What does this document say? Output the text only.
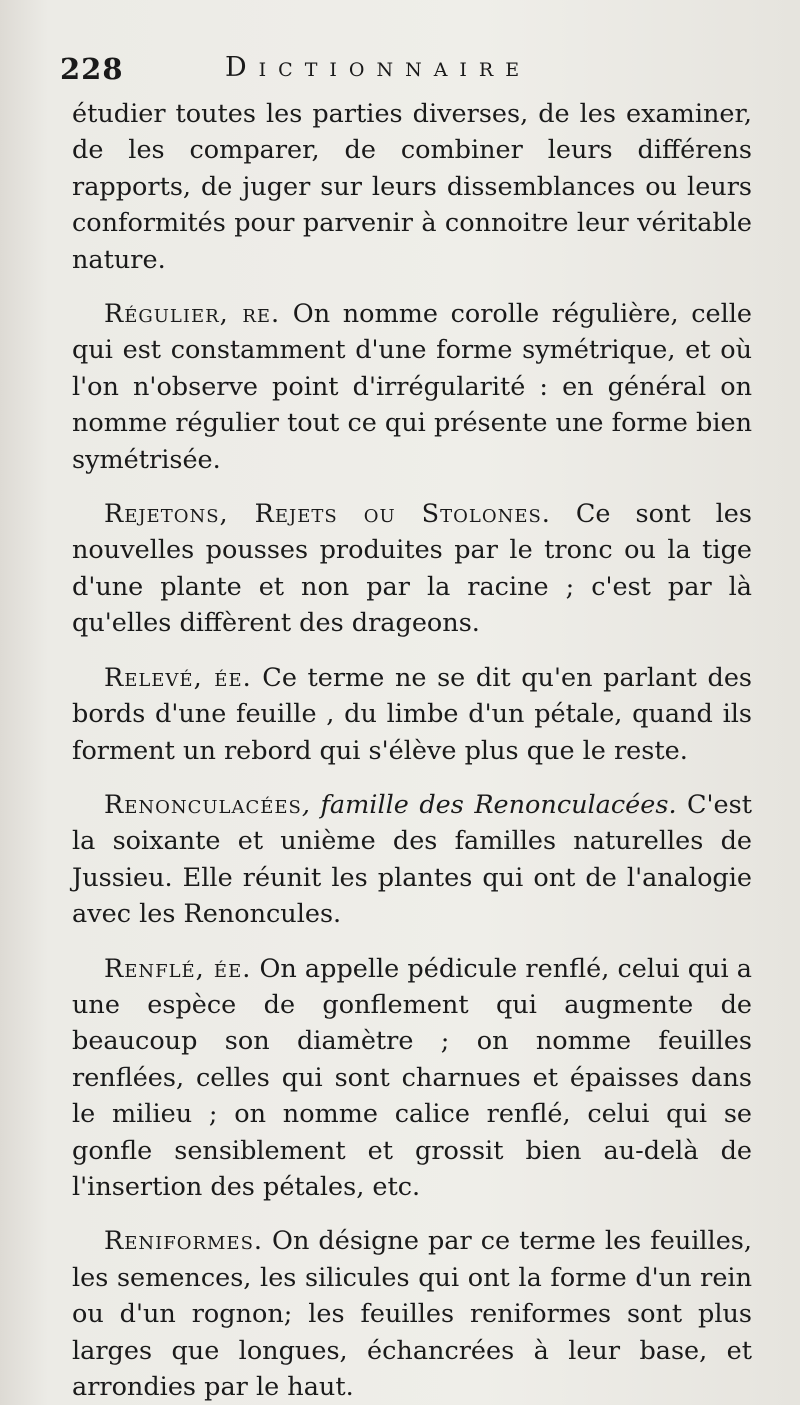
228	Dictionnaire

étudier toutes les parties diverses, de les examiner, de les comparer, de combiner leurs différens rapports, de juger sur leurs dissemblances ou leurs conformités pour parvenir à connoitre leur véritable nature.

Régulier, re. On nomme corolle régulière, celle qui est constamment d'une forme symétrique, et où l'on n'observe point d'irrégularité : en général on nomme régulier tout ce qui présente une forme bien symétrisée.

Rejetons, Rejets ou Stolones. Ce sont les nouvelles pousses produites par le tronc ou la tige d'une plante et non par la racine ; c'est par là qu'elles diffèrent des drageons.

Relevé, ée. Ce terme ne se dit qu'en parlant des bords d'une feuille , du limbe d'un pétale, quand ils forment un rebord qui s'élève plus que le reste.

Renonculacées, famille des Renonculacées. C'est la soixante et unième des familles naturelles de Jussieu. Elle réunit les plantes qui ont de l'analogie avec les Renoncules.

Renflé, ée. On appelle pédicule renflé, celui qui a une espèce de gonflement qui augmente de beaucoup son diamètre ; on nomme feuilles renflées, celles qui sont charnues et épaisses dans le milieu ; on nomme calice renflé, celui qui se gonfle sensiblement et grossit bien au-delà de l'insertion des pétales, etc.

Reniformes. On désigne par ce terme les feuilles, les semences, les silicules qui ont la forme d'un rein ou d'un rognon; les feuilles reniformes sont plus larges que longues, échancrées à leur base, et arrondies par le haut.
